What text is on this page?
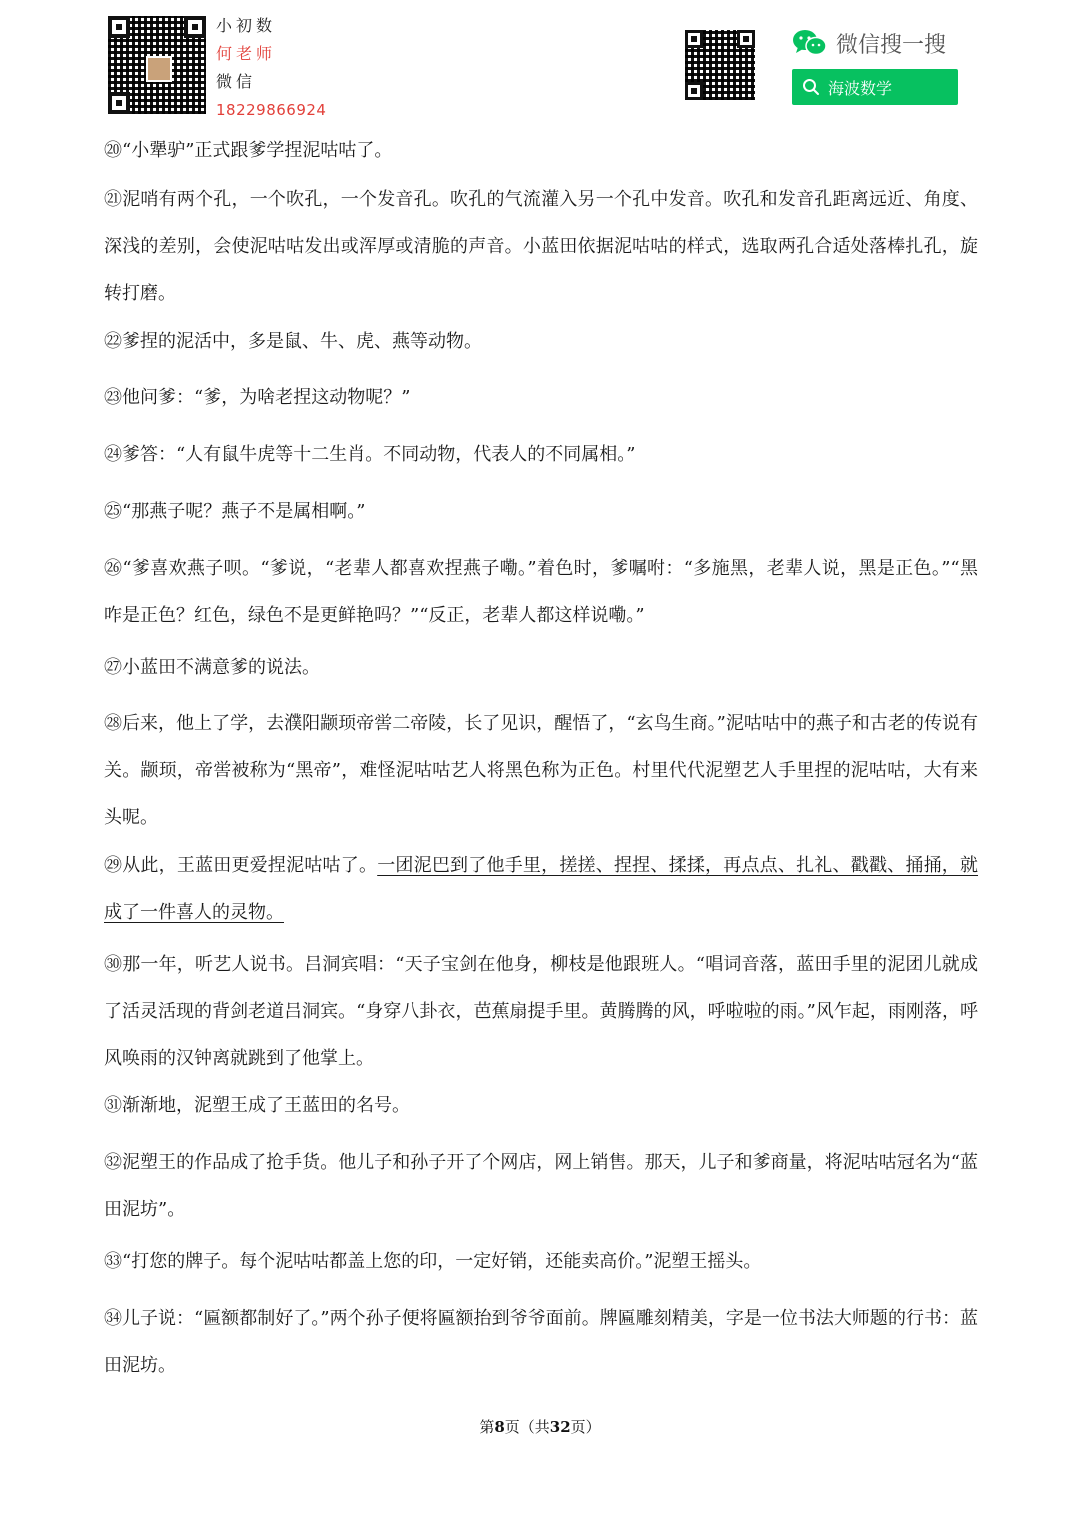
小初数
何老师
微信
18229866924
微信搜一搜
海波数学

⑳“小犟驴”正式跟爹学捏泥咕咕了。

㉑泥哨有两个孔，一个吹孔，一个发音孔。吹孔的气流灌入另一个孔中发音。吹孔和发音孔距离远近、角度、深浅的差别，会使泥咕咕发出或浑厚或清脆的声音。小蓝田依据泥咕咕的样式，选取两孔合适处落棒扎孔，旋转打磨。

㉒爹捏的泥活中，多是鼠、牛、虎、燕等动物。

㉓他问爹：“爹，为啥老捏这动物呢？”

㉔爹答：“人有鼠牛虎等十二生肖。不同动物，代表人的不同属相。”

㉕“那燕子呢？燕子不是属相啊。”

㉖“爹喜欢燕子呗。“爹说，“老辈人都喜欢捏燕子嘞。”着色时，爹嘱咐：“多施黑，老辈人说，黑是正色。”“黑咋是正色？红色，绿色不是更鲜艳吗？”“反正，老辈人都这样说嘞。”

㉗小蓝田不满意爹的说法。

㉘后来，他上了学，去濮阳颛顼帝喾二帝陵，长了见识，醒悟了，“玄鸟生商。”泥咕咕中的燕子和古老的传说有关。颛顼，帝喾被称为“黑帝”，难怪泥咕咕艺人将黑色称为正色。村里代代泥塑艺人手里捏的泥咕咕，大有来头呢。

㉙从此，王蓝田更爱捏泥咕咕了。一团泥巴到了他手里，搓搓、捏捏、揉揉，再点点、扎礼、戳戳、捅捅，就成了一件喜人的灵物。

㉚那一年，听艺人说书。吕洞宾唱：“天子宝剑在他身，柳枝是他跟班人。“唱词音落，蓝田手里的泥团儿就成了活灵活现的背剑老道吕洞宾。“身穿八卦衣，芭蕉扇提手里。黄腾腾的风，呼啦啦的雨。”风乍起，雨刚落，呼风唤雨的汉钟离就跳到了他掌上。

㉛渐渐地，泥塑王成了王蓝田的名号。

㉜泥塑王的作品成了抢手货。他儿子和孙子开了个网店，网上销售。那天，儿子和爹商量，将泥咕咕冠名为“蓝田泥坊”。

㉝“打您的牌子。每个泥咕咕都盖上您的印，一定好销，还能卖高价。”泥塑王摇头。

㉞儿子说：“匾额都制好了。”两个孙子便将匾额抬到爷爷面前。牌匾雕刻精美，字是一位书法大师题的行书：蓝田泥坊。

第8页（共32页）
